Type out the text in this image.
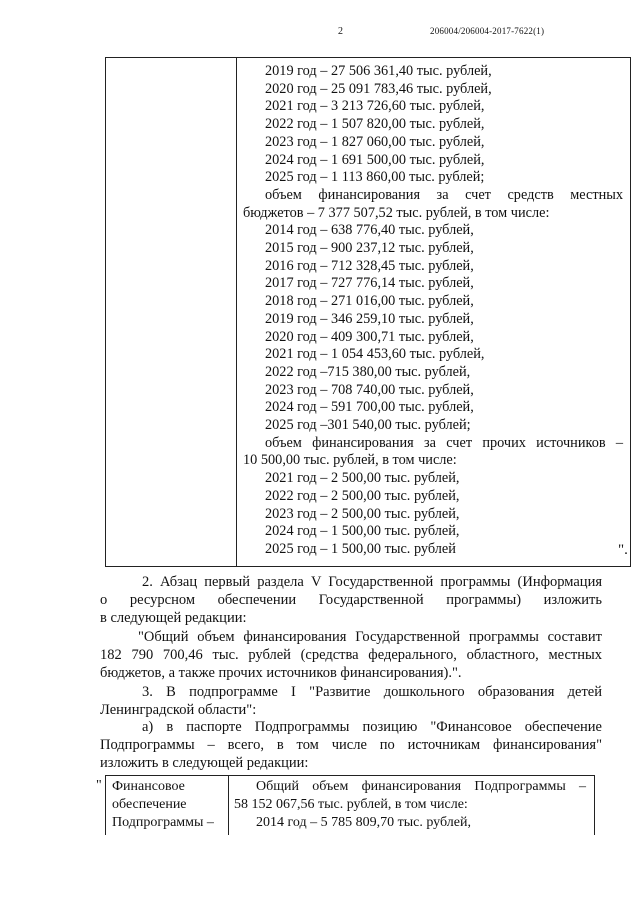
2	206004/206004-2017-7622(1)
2019 год – 27 506 361,40 тыс. рублей,
2020 год – 25 091 783,46 тыс. рублей,
2021 год – 3 213 726,60 тыс. рублей,
2022 год – 1 507 820,00 тыс. рублей,
2023 год – 1 827 060,00 тыс. рублей,
2024 год – 1 691 500,00 тыс. рублей,
2025 год – 1 113 860,00 тыс. рублей;
объем финансирования за счет средств местных
бюджетов – 7 377 507,52 тыс. рублей, в том числе:
2014 год – 638 776,40 тыс. рублей,
2015 год – 900 237,12 тыс. рублей,
2016 год – 712 328,45 тыс. рублей,
2017 год – 727 776,14 тыс. рублей,
2018 год – 271 016,00 тыс. рублей,
2019 год – 346 259,10 тыс. рублей,
2020 год – 409 300,71 тыс. рублей,
2021 год – 1 054 453,60 тыс. рублей,
2022 год –715 380,00 тыс. рублей,
2023 год – 708 740,00 тыс. рублей,
2024 год – 591 700,00 тыс. рублей,
2025 год –301 540,00 тыс. рублей;
объем финансирования за счет прочих источников –
10 500,00 тыс. рублей, в том числе:
2021 год – 2 500,00 тыс. рублей,
2022 год – 2 500,00 тыс. рублей,
2023 год – 2 500,00 тыс. рублей,
2024 год – 1 500,00 тыс. рублей,
2025 год – 1 500,00 тыс. рублей	".

2. Абзац первый раздела V Государственной программы (Информация

о ресурсном обеспечении Государственной программы) изложить

в следующей редакции:

"Общий объем финансирования Государственной программы составит

182 790 700,46 тыс. рублей (средства федерального, областного, местных

бюджетов, а также прочих источников финансирования).".

3. В подпрограмме I "Развитие дошкольного образования детей

Ленинградской области":

а) в паспорте Подпрограммы позицию "Финансовое обеспечение

Подпрограммы – всего, в том числе по источникам финансирования"

изложить в следующей редакции:

" Финансовое
обеспечение
Подпрограммы –
Общий объем финансирования Подпрограммы –
58 152 067,56 тыс. рублей, в том числе:
2014 год – 5 785 809,70 тыс. рублей,
